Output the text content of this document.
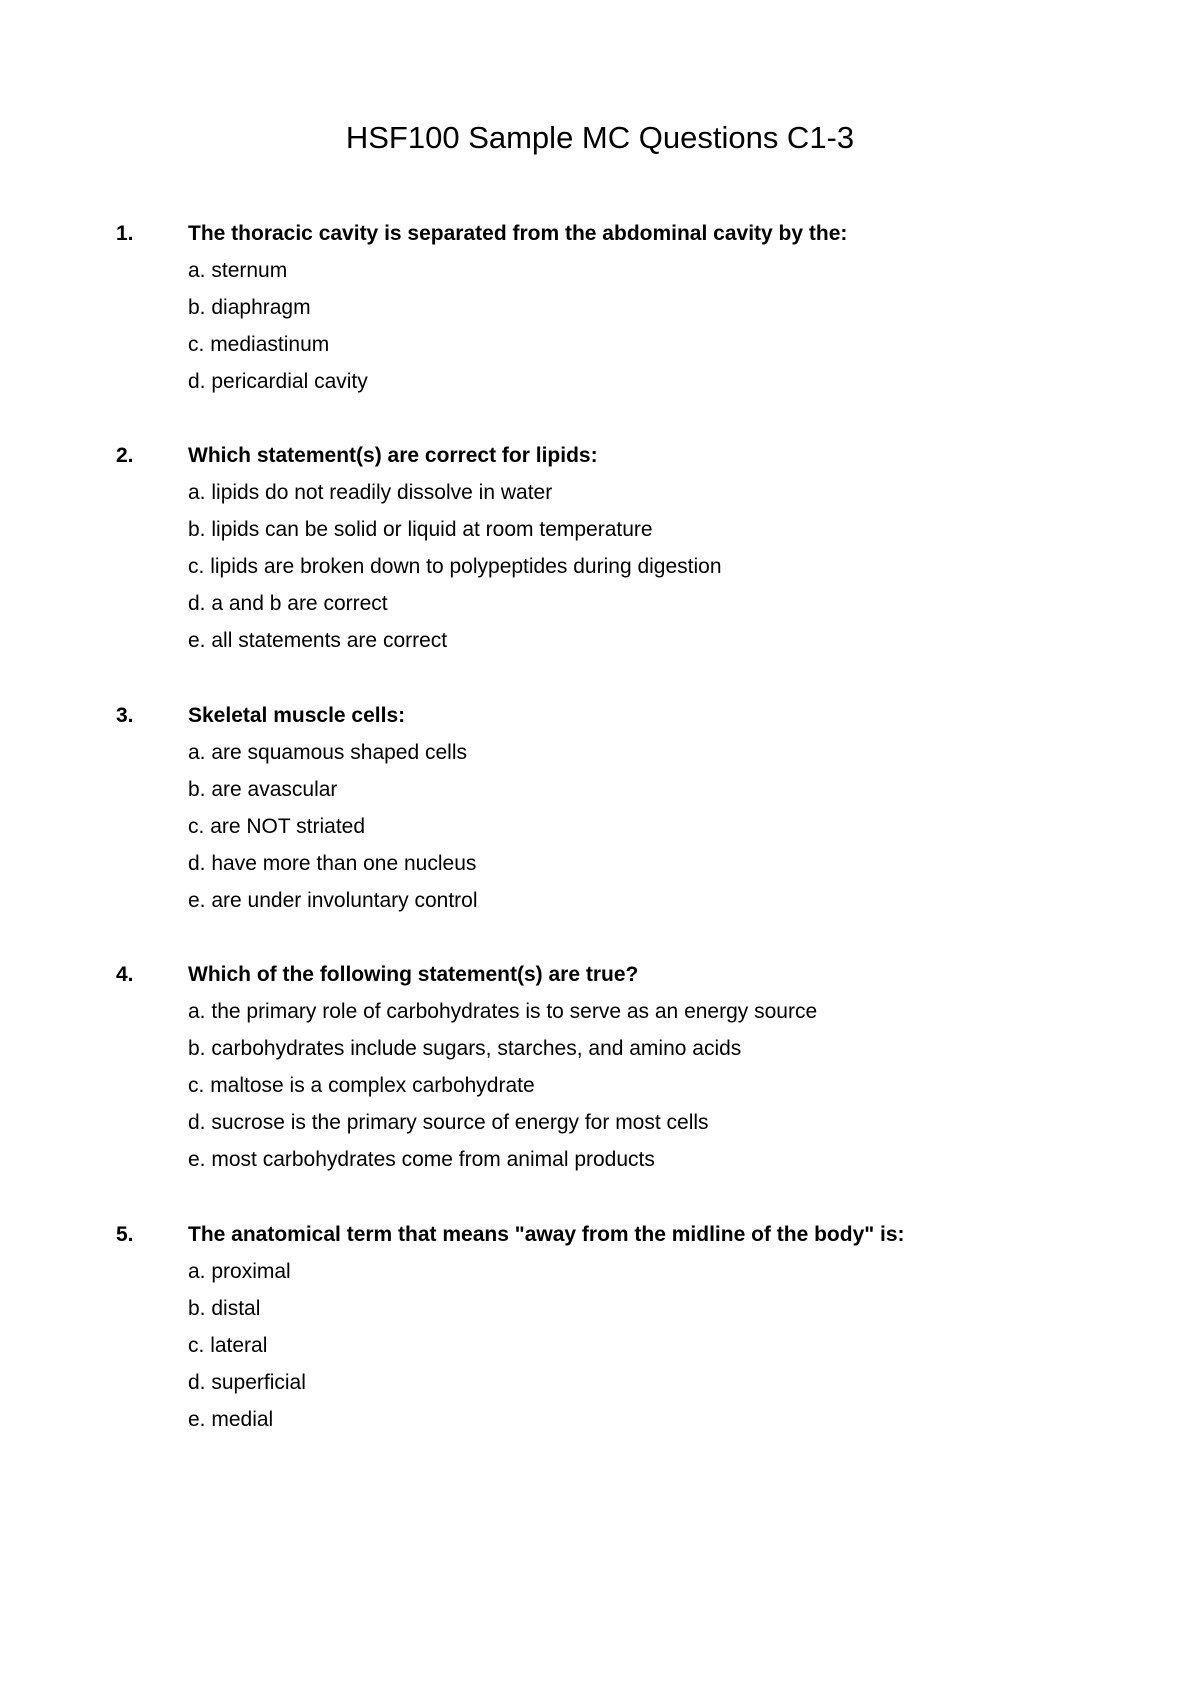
HSF100 Sample MC Questions C1-3
1.	The thoracic cavity is separated from the abdominal cavity by the:
a. sternum
b. diaphragm
c. mediastinum
d. pericardial cavity
2.	Which statement(s) are correct for lipids:
a. lipids do not readily dissolve in water
b. lipids can be solid or liquid at room temperature
c. lipids are broken down to polypeptides during digestion
d. a and b are correct
e. all statements are correct
3.	Skeletal muscle cells:
a. are squamous shaped cells
b. are avascular
c. are NOT striated
d. have more than one nucleus
e. are under involuntary control
4.	Which of the following statement(s) are true?
a. the primary role of carbohydrates is to serve as an energy source
b. carbohydrates include sugars, starches, and amino acids
c. maltose is a complex carbohydrate
d. sucrose is the primary source of energy for most cells
e. most carbohydrates come from animal products
5.	The anatomical term that means "away from the midline of the body" is:
a. proximal
b. distal
c. lateral
d. superficial
e. medial
